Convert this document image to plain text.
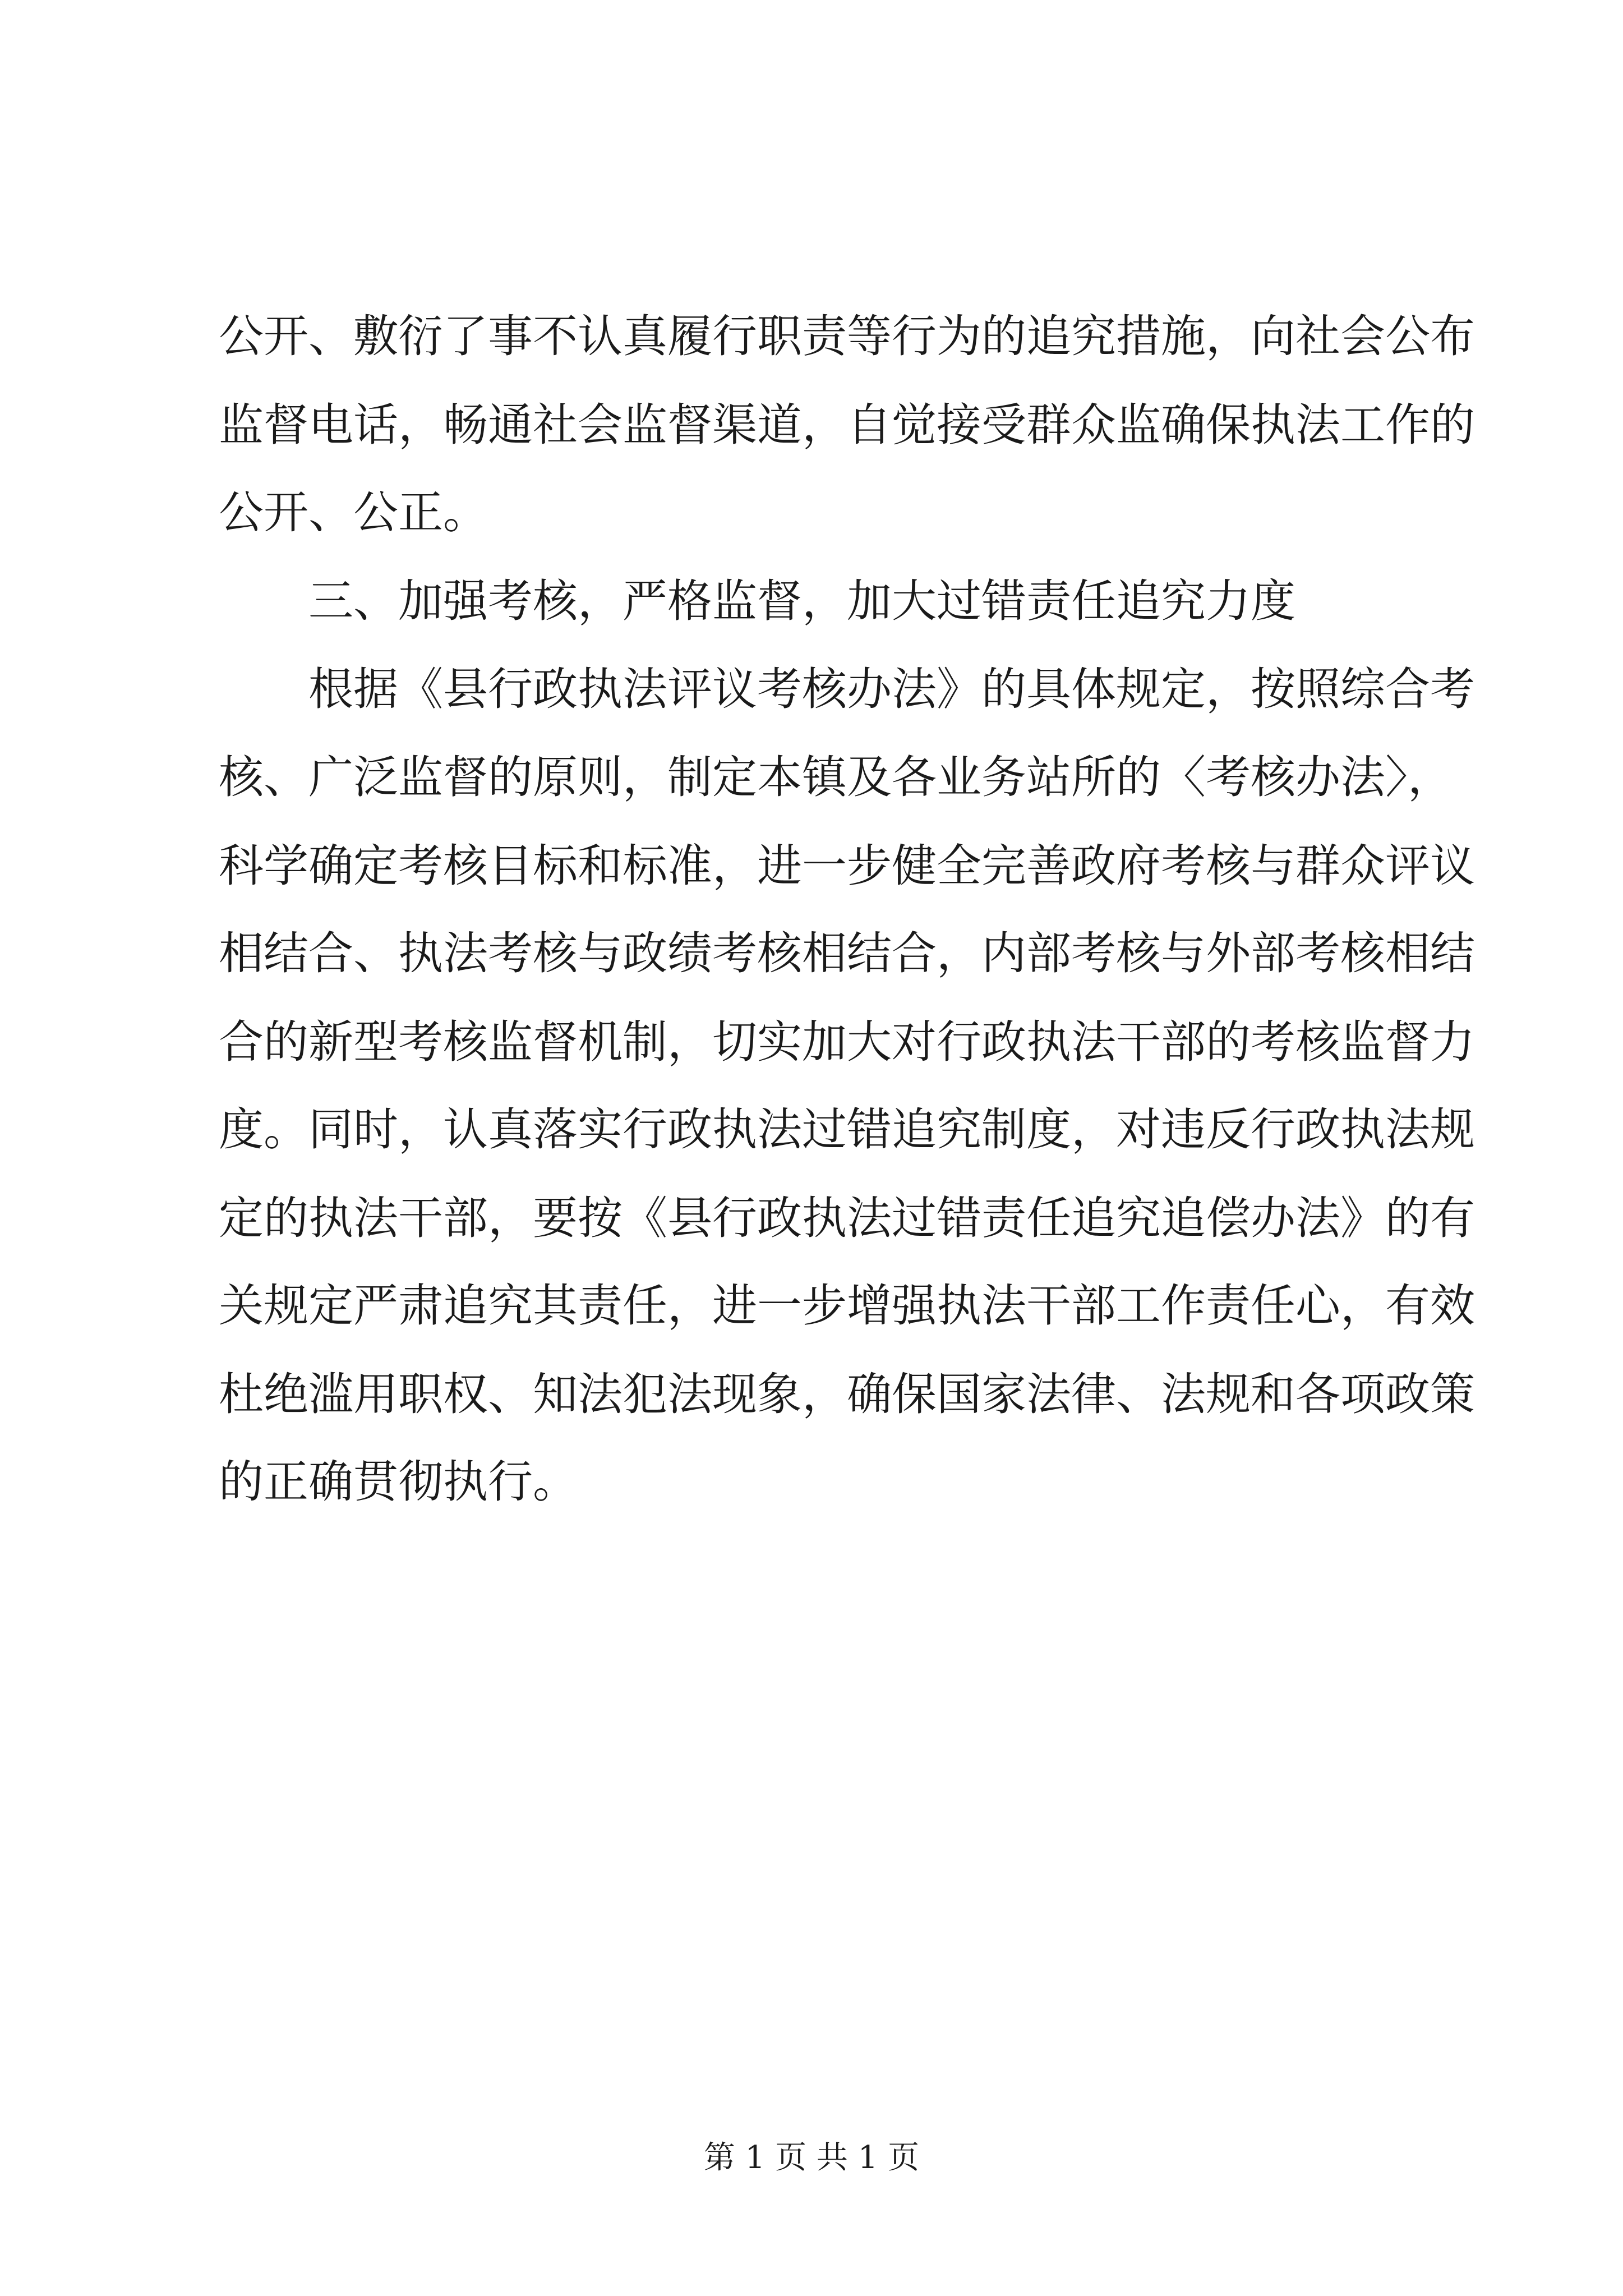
公开、敷衍了事不认真履行职责等行为的追究措施，向社会公布

监督电话，畅通社会监督渠道，自觉接受群众监确保执法工作的

公开、公正。

三、加强考核，严格监督，加大过错责任追究力度

根据《县行政执法评议考核办法》的具体规定，按照综合考

核、广泛监督的原则，制定本镇及各业务站所的〈考核办法〉，

科学确定考核目标和标准，进一步健全完善政府考核与群众评议

相结合、执法考核与政绩考核相结合，内部考核与外部考核相结

合的新型考核监督机制，切实加大对行政执法干部的考核监督力

度。同时，认真落实行政执法过错追究制度，对违反行政执法规

定的执法干部，要按《县行政执法过错责任追究追偿办法》的有

关规定严肃追究其责任，进一步增强执法干部工作责任心，有效

杜绝滥用职权、知法犯法现象，确保国家法律、法规和各项政策

的正确贯彻执行。

第 1 页 共 1 页
